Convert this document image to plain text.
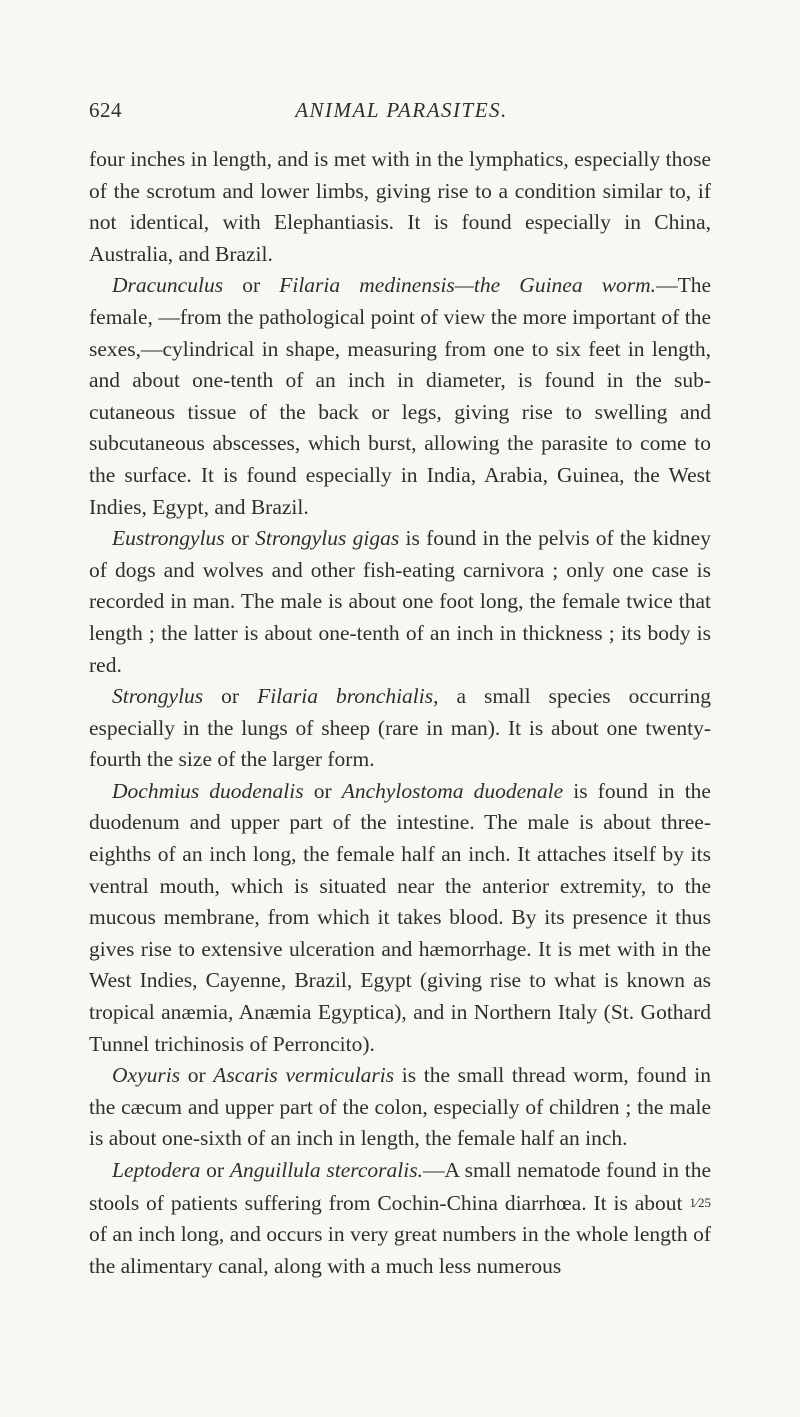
624	ANIMAL PARASITES.

four inches in length, and is met with in the lymphatics, especially those of the scrotum and lower limbs, giving rise to a condition similar to, if not identical, with Elephantiasis. It is found especially in China, Australia, and Brazil.

Dracunculus or Filaria medinensis—the Guinea worm.—The female, —from the pathological point of view the more important of the sexes,—cylindrical in shape, measuring from one to six feet in length, and about one-tenth of an inch in diameter, is found in the sub-cutaneous tissue of the back or legs, giving rise to swelling and subcutaneous abscesses, which burst, allowing the parasite to come to the surface. It is found especially in India, Arabia, Guinea, the West Indies, Egypt, and Brazil.

Eustrongylus or Strongylus gigas is found in the pelvis of the kidney of dogs and wolves and other fish-eating carnivora ; only one case is recorded in man. The male is about one foot long, the female twice that length ; the latter is about one-tenth of an inch in thickness ; its body is red.

Strongylus or Filaria bronchialis, a small species occurring especially in the lungs of sheep (rare in man). It is about one twenty-fourth the size of the larger form.

Dochmius duodenalis or Anchylostoma duodenale is found in the duodenum and upper part of the intestine. The male is about three-eighths of an inch long, the female half an inch. It attaches itself by its ventral mouth, which is situated near the anterior extremity, to the mucous membrane, from which it takes blood. By its presence it thus gives rise to extensive ulceration and hæmorrhage. It is met with in the West Indies, Cayenne, Brazil, Egypt (giving rise to what is known as tropical anæmia, Anæmia Egyptica), and in Northern Italy (St. Gothard Tunnel trichinosis of Perroncito).

Oxyuris or Ascaris vermicularis is the small thread worm, found in the cæcum and upper part of the colon, especially of children ; the male is about one-sixth of an inch in length, the female half an inch.

Leptodera or Anguillula stercoralis.—A small nematode found in the stools of patients suffering from Cochin-China diarrhœa. It is about 1⁄25 of an inch long, and occurs in very great numbers in the whole length of the alimentary canal, along with a much less numerous
